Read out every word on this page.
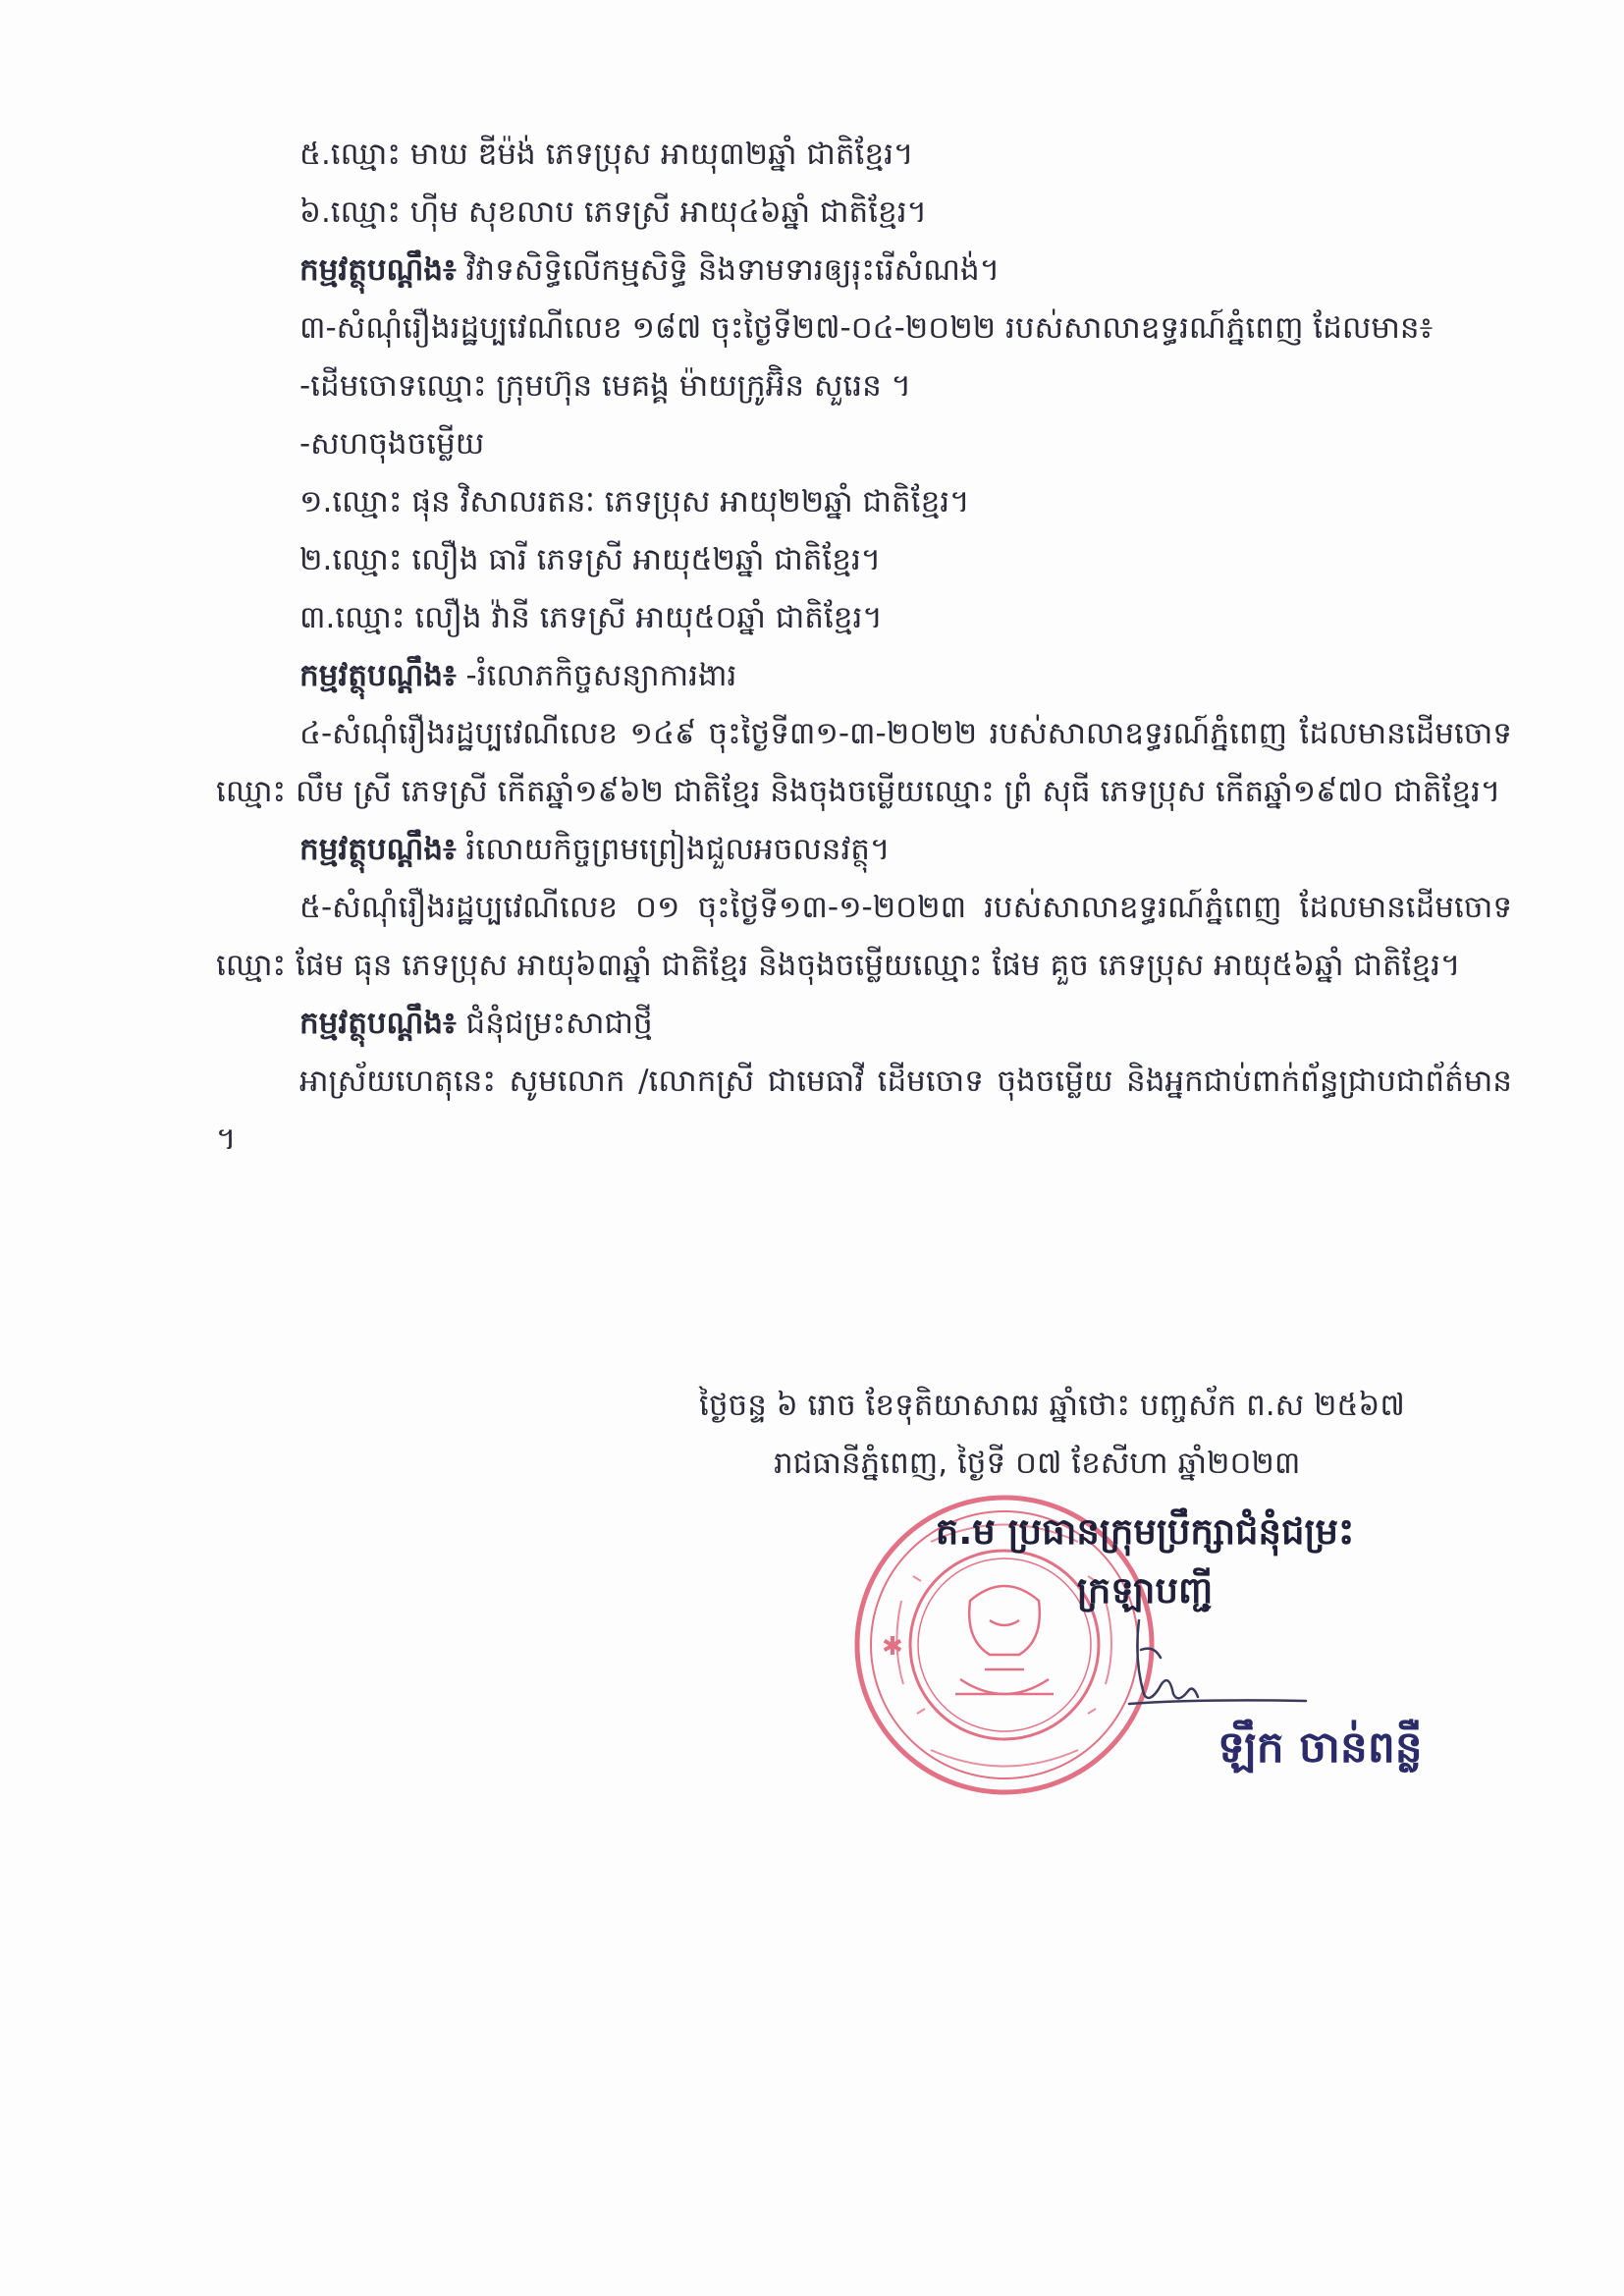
៥.ឈ្មោះ មាឃ ឌីម៉ង់ ភេទប្រុស អាយុ៣២ឆ្នាំ ជាតិខ្មែរ។

៦.ឈ្មោះ ហ៊ីម សុខលាប ភេទស្រី អាយុ៤៦ឆ្នាំ ជាតិខ្មែរ។

កម្មវត្ថុបណ្តឹង៖ វិវាទសិទ្ធិលើកម្មសិទ្ធិ និងទាមទារឲ្យរុះរើសំណង់។

៣-សំណុំរឿងរដ្ឋប្បវេណីលេខ ១៨៧ ចុះថ្ងៃទី២៧-០៤-២០២២ របស់សាលាឧទ្ធរណ៍ភ្នំពេញ ដែលមាន៖

-ដើមចោទឈ្មោះ ក្រុមហ៊ុន មេគង្គ ម៉ាយក្រូអ៊ិន សួរេន ។

-សហចុងចម្លើយ

១.ឈ្មោះ ផុន វិសាលរតនៈ ភេទប្រុស អាយុ២២ឆ្នាំ ជាតិខ្មែរ។

២.ឈ្មោះ លឿង ធារី ភេទស្រី អាយុ៥២ឆ្នាំ ជាតិខ្មែរ។

៣.ឈ្មោះ លឿង វ៉ានី ភេទស្រី អាយុ៥០ឆ្នាំ ជាតិខ្មែរ។

កម្មវត្ថុបណ្តឹង៖ -រំលោភកិច្ចសន្យាការងារ

៤-សំណុំរឿងរដ្ឋប្បវេណីលេខ ១៤៩ ចុះថ្ងៃទី៣១-៣-២០២២ របស់សាលាឧទ្ធរណ៍ភ្នំពេញ ដែលមានដើមចោទឈ្មោះ លឹម ស្រី ភេទស្រី កើតឆ្នាំ១៩៦២ ជាតិខ្មែរ និងចុងចម្លើយឈ្មោះ ព្រំ សុធី ភេទប្រុស កើតឆ្នាំ១៩៧០ ជាតិខ្មែរ។

កម្មវត្ថុបណ្តឹង៖ រំលោយកិច្ចព្រមព្រៀងជួលអចលនវត្ថុ។

៥-សំណុំរឿងរដ្ឋប្បវេណីលេខ ០១ ចុះថ្ងៃទី១៣-១-២០២៣ របស់សាលាឧទ្ធរណ៍ភ្នំពេញ ដែលមានដើមចោទឈ្មោះ ផែម ធុន ភេទប្រុស អាយុ៦៣ឆ្នាំ ជាតិខ្មែរ និងចុងចម្លើយឈ្មោះ ផែម គួច ភេទប្រុស អាយុ៥៦ឆ្នាំ ជាតិខ្មែរ។

កម្មវត្ថុបណ្តឹង៖ ជំនុំជម្រះសាជាថ្មី

អាស្រ័យហេតុនេះ សូមលោក /លោកស្រី ជាមេធាវី ដើមចោទ ចុងចម្លើយ និងអ្នកជាប់ពាក់ព័ន្ធជ្រាបជាព័ត៌មាន ។

ថ្ងៃចន្ទ ៦ រោច ខែទុតិយាសាឍ ឆ្នាំថោះ បញ្ចស័ក ព.ស ២៥៦៧
រាជធានីភ្នំពេញ, ថ្ងៃទី ០៧ ខែសីហា ឆ្នាំ២០២៣
✱
ត.ម ប្រធានក្រុមប្រឹក្សាជំនុំជម្រះ
ក្រឡាបញ្ជី
ឡឹក ចាន់ពន្លឺ
